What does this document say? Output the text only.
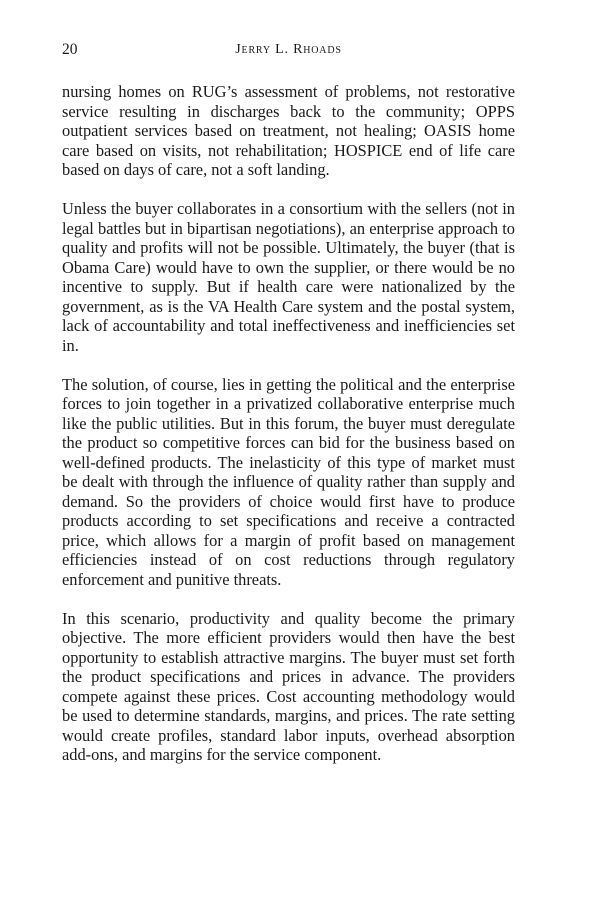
20	Jerry L. Rhoads

nursing homes on RUG’s assessment of problems, not restorative service resulting in discharges back to the community; OPPS outpatient services based on treatment, not healing; OASIS home care based on visits, not rehabilitation; HOSPICE end of life care based on days of care, not a soft landing.

Unless the buyer collaborates in a consortium with the sellers (not in legal battles but in bipartisan negotiations), an enterprise approach to quality and profits will not be possible. Ultimately, the buyer (that is Obama Care) would have to own the supplier, or there would be no incentive to supply. But if health care were nationalized by the government, as is the VA Health Care system and the postal system, lack of accountability and total ineffectiveness and inefficiencies set in.

The solution, of course, lies in getting the political and the enterprise forces to join together in a privatized collaborative enterprise much like the public utilities. But in this forum, the buyer must deregulate the product so competitive forces can bid for the business based on well-defined products. The inelasticity of this type of market must be dealt with through the influence of quality rather than supply and demand. So the providers of choice would first have to produce products according to set specifications and receive a contracted price, which allows for a margin of profit based on management efficiencies instead of on cost reductions through regulatory enforcement and punitive threats.

In this scenario, productivity and quality become the primary objective. The more efficient providers would then have the best opportunity to establish attractive margins. The buyer must set forth the product specifications and prices in advance. The providers compete against these prices. Cost accounting methodology would be used to determine standards, margins, and prices. The rate setting would create profiles, standard labor inputs, overhead absorption add-ons, and margins for the service component.
